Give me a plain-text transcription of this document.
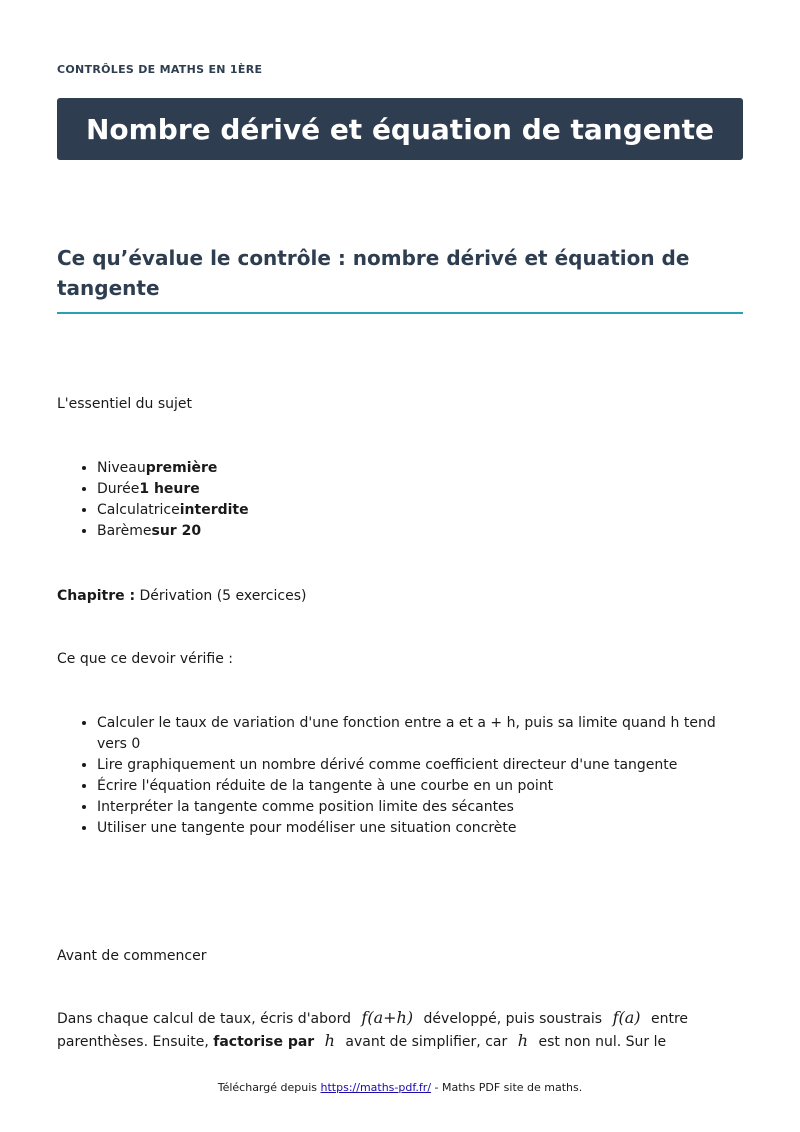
CONTRÔLES DE MATHS EN 1ÈRE
Nombre dérivé et équation de tangente
Ce qu’évalue le contrôle : nombre dérivé et équation de tangente

L'essentiel du sujet

• Niveaupremière
• Durée1 heure
• Calculatriceinterdite
• Barèmesur 20

Chapitre : Dérivation (5 exercices)

Ce que ce devoir vérifie :

• Calculer le taux de variation d'une fonction entre a et a + h, puis sa limite quand h tend vers 0
• Lire graphiquement un nombre dérivé comme coefficient directeur d'une tangente
• Écrire l'équation réduite de la tangente à une courbe en un point
• Interpréter la tangente comme position limite des sécantes
• Utiliser une tangente pour modéliser une situation concrète

Avant de commencer

Dans chaque calcul de taux, écris d'abord f(a+h) développé, puis soustrais f(a) entre parenthèses. Ensuite, factorise par h avant de simplifier, car h est non nul. Sur le

Téléchargé depuis https://maths-pdf.fr/ - Maths PDF site de maths.
